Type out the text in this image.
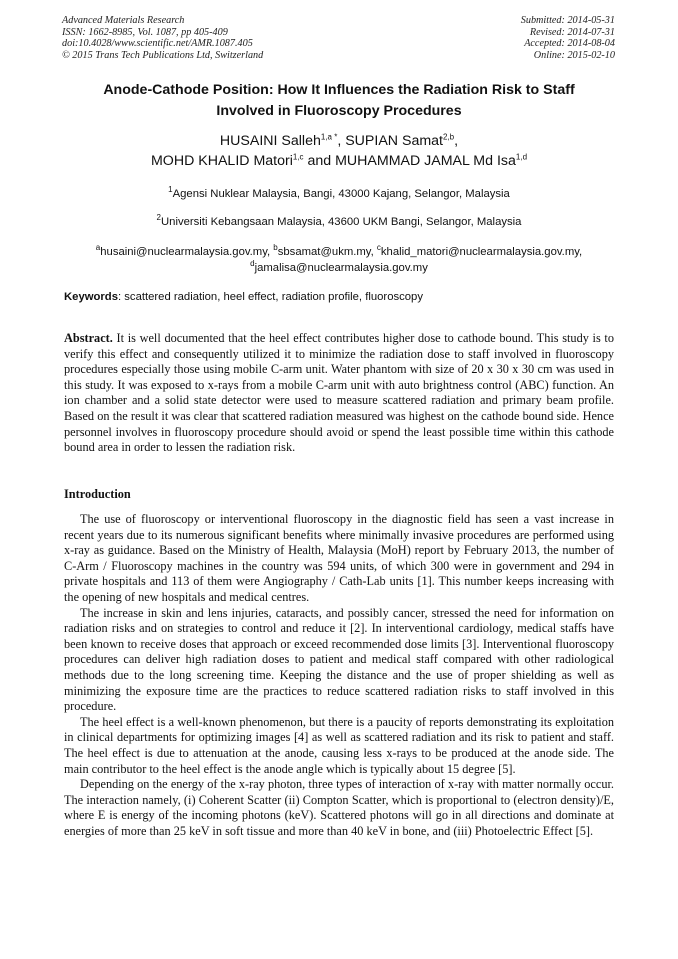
Advanced Materials Research
ISSN: 1662-8985, Vol. 1087, pp 405-409
doi:10.4028/www.scientific.net/AMR.1087.405
© 2015 Trans Tech Publications Ltd, Switzerland
Submitted: 2014-05-31
Revised: 2014-07-31
Accepted: 2014-08-04
Online: 2015-02-10
Anode-Cathode Position: How It Influences the Radiation Risk to Staff
Involved in Fluoroscopy Procedures
HUSAINI Salleh$^{1,a *}$, SUPIAN Samat$^{2,b}$,
MOHD KHALID Matori$^{1,c}$ and MUHAMMAD JAMAL Md Isa$^{1,d}$
$^1$Agensi Nuklear Malaysia, Bangi, 43000 Kajang, Selangor, Malaysia
$^2$Universiti Kebangsaan Malaysia, 43600 UKM Bangi, Selangor, Malaysia
$^a$husaini@nuclearmalaysia.gov.my, $^b$sbsamat@ukm.my, $^c$khalid_matori@nuclearmalaysia.gov.my,
$^d$jamalisa@nuclearmalaysia.gov.my
Keywords: scattered radiation, heel effect, radiation profile, fluoroscopy
Abstract. It is well documented that the heel effect contributes higher dose to cathode bound. This study is to verify this effect and consequently utilized it to minimize the radiation dose to staff involved in fluoroscopy procedures especially those using mobile C-arm unit. Water phantom with size of 20 x 30 x 30 cm was used in this study. It was exposed to x-rays from a mobile C-arm unit with auto brightness control (ABC) function. An ion chamber and a solid state detector were used to measure scattered radiation and primary beam profile. Based on the result it was clear that scattered radiation measured was highest on the cathode bound side. Hence personnel involves in fluoroscopy procedure should avoid or spend the least possible time within this cathode bound area in order to lessen the radiation risk.
Introduction

The use of fluoroscopy or interventional fluoroscopy in the diagnostic field has seen a vast increase in recent years due to its numerous significant benefits where minimally invasive procedures are performed using x-ray as guidance. Based on the Ministry of Health, Malaysia (MoH) report by February 2013, the number of C-Arm / Fluoroscopy machines in the country was 594 units, of which 300 were in government and 294 in private hospitals and 113 of them were Angiography / Cath-Lab units [1]. This number keeps increasing with the opening of new hospitals and medical centres.

The increase in skin and lens injuries, cataracts, and possibly cancer, stressed the need for information on radiation risks and on strategies to control and reduce it [2]. In interventional cardiology, medical staffs have been known to receive doses that approach or exceed recommended dose limits [3]. Interventional fluoroscopy procedures can deliver high radiation doses to patient and medical staff compared with other radiological methods due to the long screening time. Keeping the distance and the use of proper shielding as well as minimizing the exposure time are the practices to reduce scattered radiation risks to staff involved in this procedure.

The heel effect is a well-known phenomenon, but there is a paucity of reports demonstrating its exploitation in clinical departments for optimizing images [4] as well as scattered radiation and its risk to patient and staff. The heel effect is due to attenuation at the anode, causing less x-rays to be produced at the anode side. The main contributor to the heel effect is the anode angle which is typically about 15 degree [5].

Depending on the energy of the x-ray photon, three types of interaction of x-ray with matter normally occur. The interaction namely, (i) Coherent Scatter (ii) Compton Scatter, which is proportional to (electron density)/E, where E is energy of the incoming photons (keV). Scattered photons will go in all directions and dominate at energies of more than 25 keV in soft tissue and more than 40 keV in bone, and (iii) Photoelectric Effect [5].
